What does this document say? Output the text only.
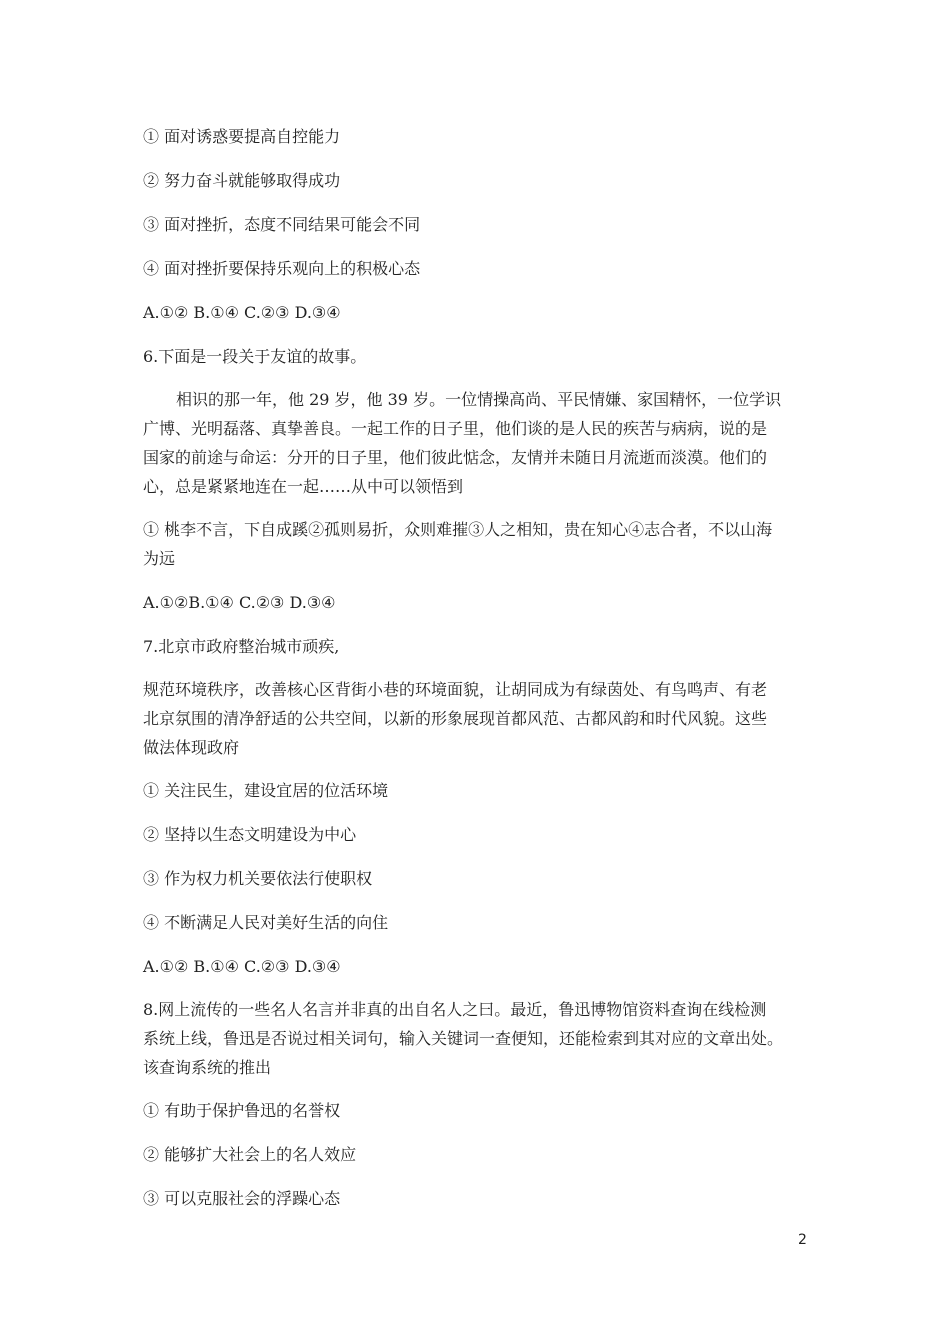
① 面对诱惑要提高自控能力
② 努力奋斗就能够取得成功
③ 面对挫折，态度不同结果可能会不同
④ 面对挫折要保持乐观向上的积极心态
A.①② B.①④ C.②③ D.③④
6.下面是一段关于友谊的故事。
相识的那一年，他 29 岁，他 39 岁。一位情操高尚、平民情嫌、家国精怀，一位学识
广博、光明磊落、真挚善良。一起工作的日子里，他们谈的是人民的疾苦与病病，说的是
国家的前途与命运：分开的日子里，他们彼此惦念，友情并未随日月流逝而淡漠。他们的
心，总是紧紧地连在一起……从中可以领悟到
① 桃李不言，下自成蹊②孤则易折，众则难摧③人之相知，贵在知心④志合者，不以山海
为远
A.①②B.①④ C.②③ D.③④
7.北京市政府整治城市顽疾,
规范环境秩序，改善核心区背街小巷的环境面貌，让胡同成为有绿茵处、有鸟鸣声、有老
北京氛围的清净舒适的公共空间，以新的形象展现首都风范、古都风韵和时代风貌。这些
做法体现政府
① 关注民生，建设宜居的位活环境
② 坚持以生态文明建设为中心
③ 作为权力机关要依法行使职权
④ 不断满足人民对美好生活的向住
A.①② B.①④ C.②③ D.③④
8.网上流传的一些名人名言并非真的出自名人之曰。最近，鲁迅博物馆资料查询在线检测
系统上线，鲁迅是否说过相关词句，输入关键词一查便知，还能检索到其对应的文章出处。
该查询系统的推出
① 有助于保护鲁迅的名誉权
② 能够扩大社会上的名人效应
③ 可以克服社会的浮躁心态
2
